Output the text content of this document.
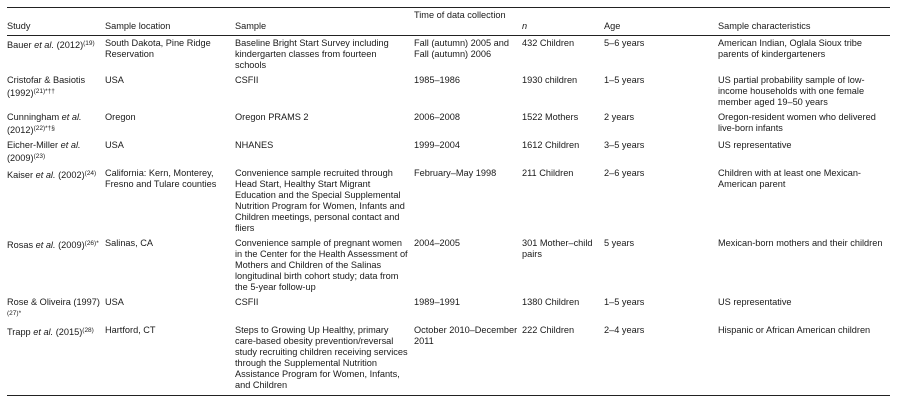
Study	Sample location	Sample	Time of data collection	n	Age	Sample characteristics
Bauer et al. (2012)$^{(19)}$	South Dakota, Pine Ridge Reservation	Baseline Bright Start Survey including kindergarten classes from fourteen schools	Fall (autumn) 2005 and Fall (autumn) 2006	432 Children	5–6 years	American Indian, Oglala Sioux tribe parents of kindergarteners
Cristofar & Basiotis (1992)$^{(21)*\dagger\dagger}$	USA	CSFII	1985–1986	1930 children	1–5 years	US partial probability sample of low-income households with one female member aged 19–50 years
Cunningham et al. (2012)$^{(22)*\dagger\S}$	Oregon	Oregon PRAMS 2	2006–2008	1522 Mothers	2 years	Oregon-resident women who delivered live-born infants
Eicher-Miller et al. (2009)$^{(23)}$	USA	NHANES	1999–2004	1612 Children	3–5 years	US representative
Kaiser et al. (2002)$^{(24)}$	California: Kern, Monterey, Fresno and Tulare counties	Convenience sample recruited through Head Start, Healthy Start Migrant Education and the Special Supplemental Nutrition Program for Women, Infants and Children meetings, personal contact and fliers	February–May 1998	211 Children	2–6 years	Children with at least one Mexican-American parent
Rosas et al. (2009)$^{(26)*}$	Salinas, CA	Convenience sample of pregnant women in the Center for the Health Assessment of Mothers and Children of the Salinas longitudinal birth cohort study; data from the 5-year follow-up	2004–2005	301 Mother–child pairs	5 years	Mexican-born mothers and their children
Rose & Oliveira (1997)$^{(27)*}$	USA	CSFII	1989–1991	1380 Children	1–5 years	US representative
Trapp et al. (2015)$^{(28)}$	Hartford, CT	Steps to Growing Up Healthy, primary care-based obesity prevention/reversal study recruiting children receiving services through the Supplemental Nutrition Assistance Program for Women, Infants, and Children	October 2010–December 2011	222 Children	2–4 years	Hispanic or African American children
